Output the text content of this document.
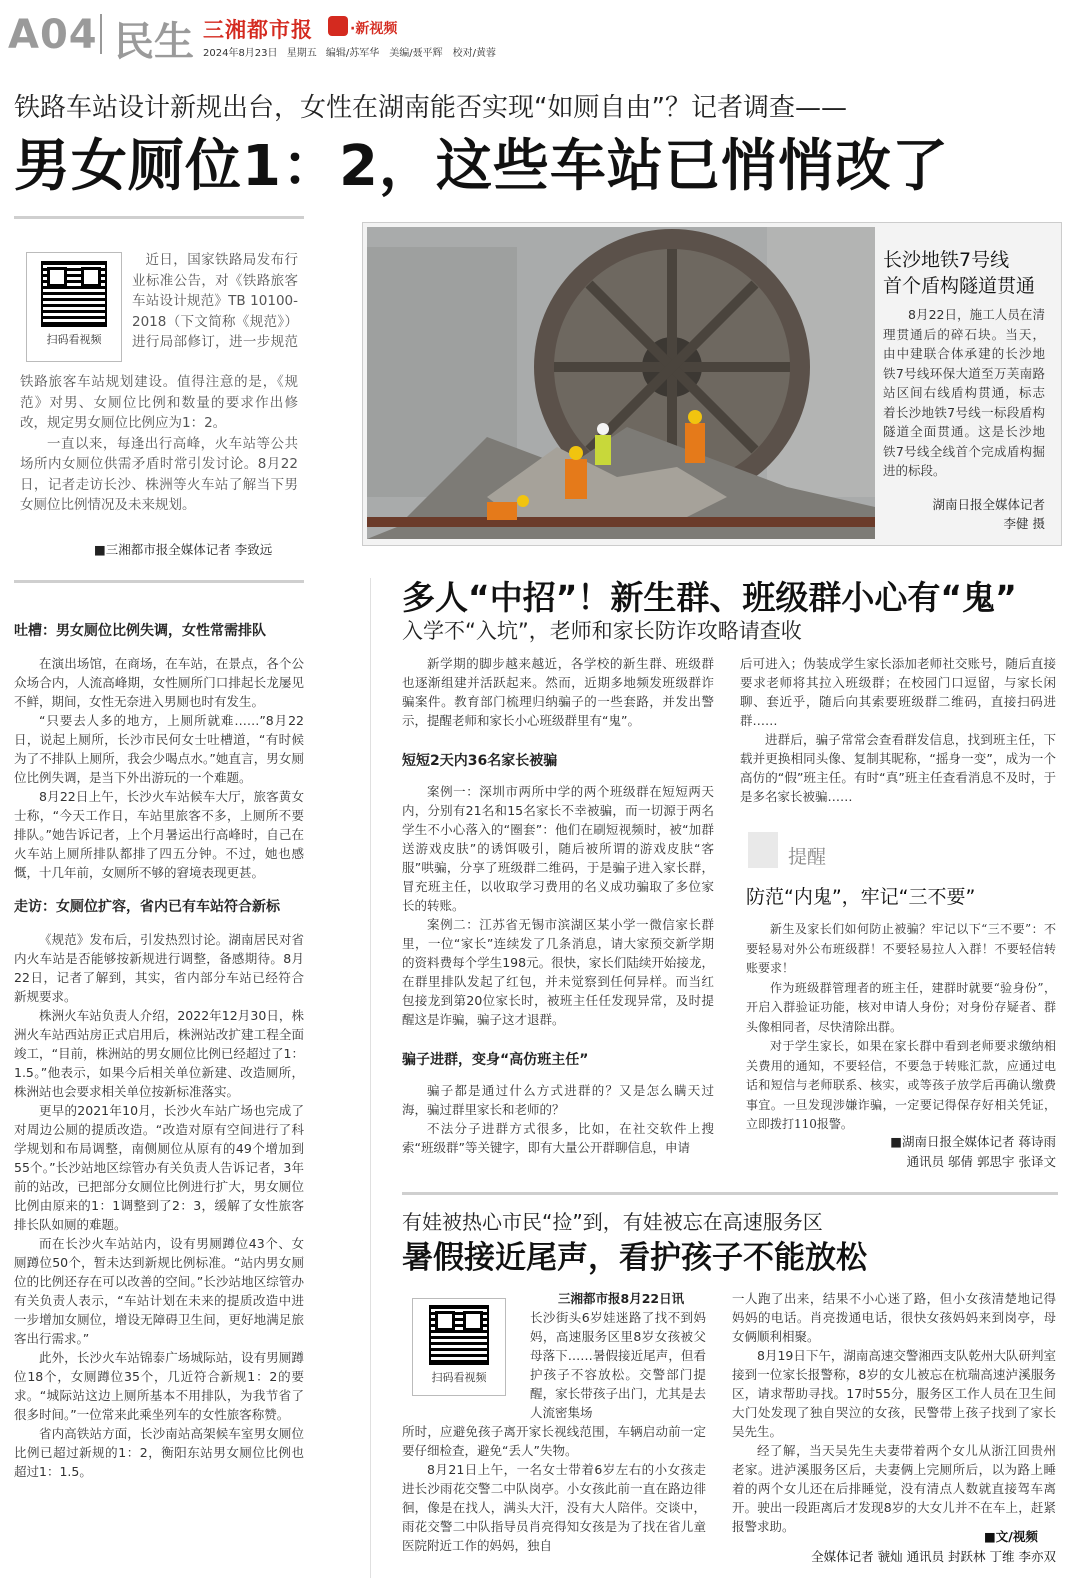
A04 民生 三湘都市报	·新视频
2024年8月23日 星期五 编辑/苏军华　美编/聂平辉　校对/黄蓉
铁路车站设计新规出台，女性在湖南能否实现“如厕自由”？记者调查——
男女厕位1：2，这些车站已悄悄改了
扫码看视频

近日，国家铁路局发布行业标准公告，对《铁路旅客车站设计规范》TB 10100-2018（下文简称《规范》）进行局部修订，进一步规范

铁路旅客车站规划建设。值得注意的是，《规范》对男、女厕位比例和数量的要求作出修改，规定男女厕位比例应为1：2。

一直以来，每逢出行高峰，火车站等公共场所内女厕位供需矛盾时常引发讨论。8月22日，记者走访长沙、株洲等火车站了解当下男女厕位比例情况及未来规划。

■三湘都市报全媒体记者 李致远
吐槽：男女厕位比例失调，女性常需排队

在演出场馆，在商场，在车站，在景点，各个公众场合内，人流高峰期，女性厕所门口排起长龙屡见不鲜，期间，女性无奈进入男厕也时有发生。

“只要去人多的地方，上厕所就难……”8月22日，说起上厕所，长沙市民何女士吐槽道，“有时候为了不排队上厕所，我会少喝点水。”她直言，男女厕位比例失调，是当下外出游玩的一个难题。

8月22日上午，长沙火车站候车大厅，旅客黄女士称，“今天工作日，车站里旅客不多，上厕所不要排队。”她告诉记者，上个月暑运出行高峰时，自己在火车站上厕所排队都排了四五分钟。不过，她也感慨，十几年前，女厕所不够的窘境表现更甚。

走访：女厕位扩容，省内已有车站符合新标

《规范》发布后，引发热烈讨论。湖南居民对省内火车站是否能够按新规进行调整，备感期待。8月22日，记者了解到，其实，省内部分车站已经符合新规要求。

株洲火车站负责人介绍，2022年12月30日，株洲火车站西站房正式启用后，株洲站改扩建工程全面竣工，“目前，株洲站的男女厕位比例已经超过了1：1.5。”他表示，如果今后相关单位新建、改造厕所，株洲站也会要求相关单位按新标准落实。

更早的2021年10月，长沙火车站广场也完成了对周边公厕的提质改造。“改造对原有空间进行了科学规划和布局调整，南侧厕位从原有的49个增加到55个。”长沙站地区综管办有关负责人告诉记者，3年前的站改，已把部分女厕位比例进行扩大，男女厕位比例由原来的1：1调整到了2：3，缓解了女性旅客排长队如厕的难题。

而在长沙火车站站内，设有男厕蹲位43个、女厕蹲位50个，暂未达到新规比例标准。“站内男女厕位的比例还存在可以改善的空间。”长沙站地区综管办有关负责人表示，“车站计划在未来的提质改造中进一步增加女厕位，增设无障碍卫生间，更好地满足旅客出行需求。”

此外，长沙火车站锦泰广场城际站，设有男厕蹲位18个，女厕蹲位35个，几近符合新规1：2的要求。“城际站这边上厕所基本不用排队，为我节省了很多时间。”一位常来此乘坐列车的女性旅客称赞。

省内高铁站方面，长沙南站高架候车室男女厕位比例已超过新规的1：2，衡阳东站男女厕位比例也超过1：1.5。

长沙地铁7号线
首个盾构隧道贯通

8月22日，施工人员在清理贯通后的碎石块。当天，由中建联合体承建的长沙地铁7号线环保大道至万芙南路站区间右线盾构贯通，标志着长沙地铁7号线一标段盾构隧道全面贯通。这是长沙地铁7号线全线首个完成盾构掘进的标段。

湖南日报全媒体记者
李健 摄
多人“中招”！新生群、班级群小心有“鬼”
入学不“入坑”，老师和家长防诈攻略请查收

新学期的脚步越来越近，各学校的新生群、班级群也逐渐组建并活跃起来。然而，近期多地频发班级群诈骗案件。教育部门梳理归纳骗子的一些套路，并发出警示，提醒老师和家长小心班级群里有“鬼”。

短短2天内36名家长被骗

案例一：深圳市两所中学的两个班级群在短短两天内，分别有21名和15名家长不幸被骗，而一切源于两名学生不小心落入的“圈套”：他们在刷短视频时，被“加群送游戏皮肤”的诱饵吸引，随后被所谓的游戏皮肤“客服”哄骗，分享了班级群二维码，于是骗子进入家长群，冒充班主任，以收取学习费用的名义成功骗取了多位家长的转账。

案例二：江苏省无锡市滨湖区某小学一微信家长群里，一位“家长”连续发了几条消息，请大家预交新学期的资料费每个学生198元。很快，家长们陆续开始接龙，在群里排队发起了红包，并未觉察到任何异样。而当红包接龙到第20位家长时，被班主任任发现异常，及时提醒这是诈骗，骗子这才退群。

骗子进群，变身“高仿班主任”

骗子都是通过什么方式进群的？又是怎么瞒天过海，骗过群里家长和老师的？

不法分子进群方式很多，比如，在社交软件上搜索“班级群”等关键字，即有大量公开群聊信息，申请

后可进入；伪装成学生家长添加老师社交账号，随后直接要求老师将其拉入班级群；在校园门口逗留，与家长闲聊、套近乎，随后向其索要班级群二维码，直接扫码进群……

进群后，骗子常常会查看群发信息，找到班主任，下载并更换相同头像、复制其昵称，“摇身一变”，成为一个高仿的“假”班主任。有时“真”班主任查看消息不及时，于是多名家长被骗……

提醒
防范“内鬼”，牢记“三不要”

新生及家长们如何防止被骗？牢记以下“三不要”：不要轻易对外公布班级群！不要轻易拉人入群！不要轻信转账要求！

作为班级群管理者的班主任，建群时就要“验身份”，开启入群验证功能，核对申请人身份；对身份存疑者、群头像相同者，尽快清除出群。

对于学生家长，如果在家长群中看到老师要求缴纳相关费用的通知，不要轻信，不要急于转账汇款，应通过电话和短信与老师联系、核实，或等孩子放学后再确认缴费事宜。一旦发现涉嫌诈骗，一定要记得保存好相关凭证，立即拨打110报警。

■湖南日报全媒体记者 蒋诗雨
通讯员 邬倩 郭思宇 张译文
有娃被热心市民“捡”到，有娃被忘在高速服务区
暑假接近尾声，看护孩子不能放松
扫码看视频
三湘都市报8月22日讯

长沙街头6岁娃迷路了找不到妈妈，高速服务区里8岁女孩被父母落下……暑假接近尾声，但看护孩子不容放松。交警部门提醒，家长带孩子出门，尤其是去人流密集场

所时，应避免孩子离开家长视线范围，车辆启动前一定要仔细检查，避免“丢人”失物。

8月21日上午，一名女士带着6岁左右的小女孩走进长沙雨花交警二中队岗亭。小女孩此前一直在路边徘徊，像是在找人，满头大汗，没有大人陪伴。交谈中，雨花交警二中队指导员肖亮得知女孩是为了找在省儿童医院附近工作的妈妈，独自

一人跑了出来，结果不小心迷了路，但小女孩清楚地记得妈妈的电话。肖亮拨通电话，很快女孩妈妈来到岗亭，母女俩顺利相聚。

8月19日下午，湖南高速交警湘西支队乾州大队研判室接到一位家长报警称，8岁的女儿被忘在杭瑞高速泸溪服务区，请求帮助寻找。17时55分，服务区工作人员在卫生间大门处发现了独自哭泣的女孩，民警带上孩子找到了家长吴先生。

经了解，当天吴先生夫妻带着两个女儿从浙江回贵州老家。进泸溪服务区后，夫妻俩上完厕所后，以为路上睡着的两个女儿还在后排睡觉，没有清点人数就直接驾车离开。驶出一段距离后才发现8岁的大女儿并不在车上，赶紧报警求助。

■文/视频
全媒体记者 虢灿 通讯员 封跃林 丁维 李亦双
